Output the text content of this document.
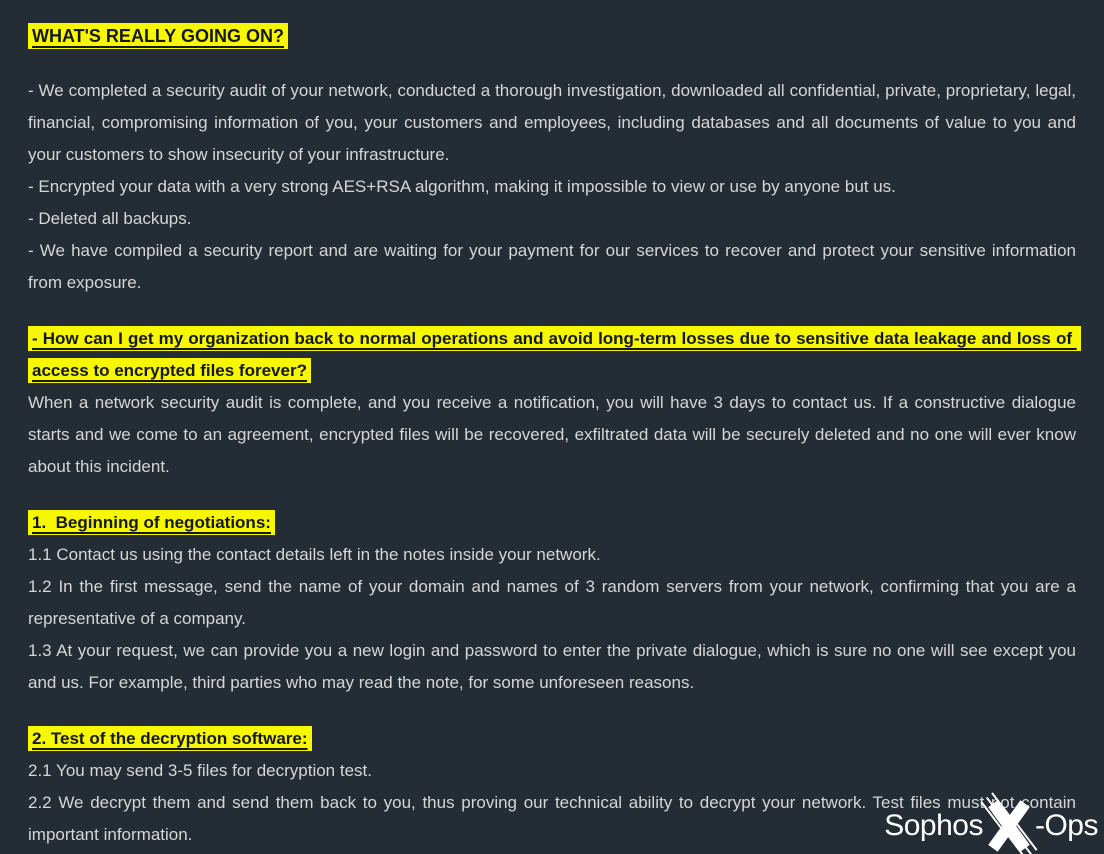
WHAT'S REALLY GOING ON?

- We completed a security audit of your network, conducted a thorough investigation, downloaded all confidential, private, proprietary, legal, financial, compromising information of you, your customers and employees, including databases and all documents of value to you and your customers to show insecurity of your infrastructure.

- Encrypted your data with a very strong AES+RSA algorithm, making it impossible to view or use by anyone but us.

- Deleted all backups.

- We have compiled a security report and are waiting for your payment for our services to recover and protect your sensitive information from exposure.

- How can I get my organization back to normal operations and avoid long-term losses due to sensitive data leakage and loss of access to encrypted files forever?

When a network security audit is complete, and you receive a notification, you will have 3 days to contact us. If a constructive dialogue starts and we come to an agreement, encrypted files will be recovered, exfiltrated data will be securely deleted and no one will ever know about this incident.

1.  Beginning of negotiations:

1.1 Contact us using the contact details left in the notes inside your network.

1.2 In the first message, send the name of your domain and names of 3 random servers from your network, confirming that you are a representative of a company.

1.3 At your request, we can provide you a new login and password to enter the private dialogue, which is sure no one will see except you and us. For example, third parties who may read the note, for some unforeseen reasons.

2. Test of the decryption software:

2.1 You may send 3-5 files for decryption test.

2.2 We decrypt them and send them back to you, thus proving our technical ability to decrypt your network. Test files must not contain important information.	Sophos -Ops
